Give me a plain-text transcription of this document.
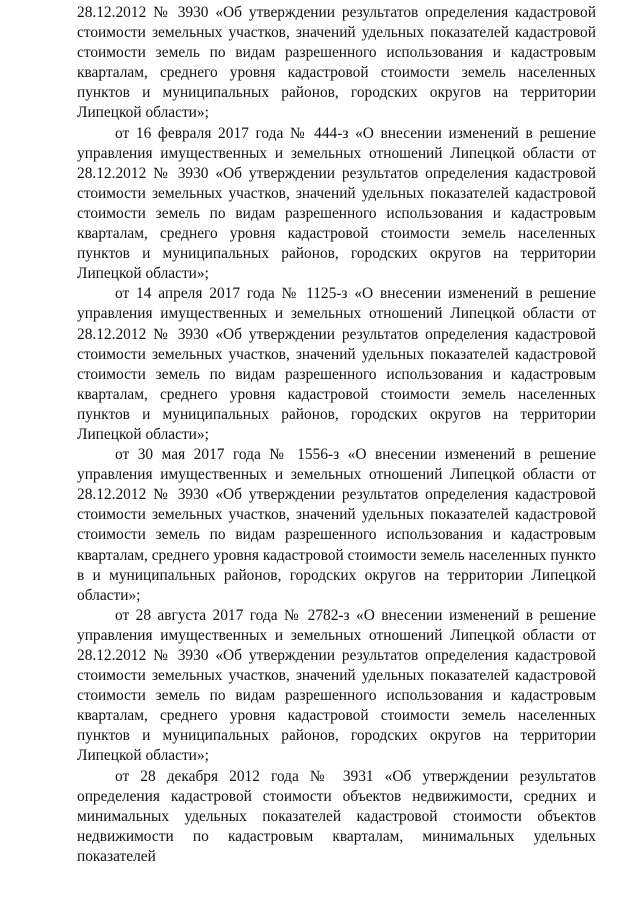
28.12.2012 № 3930 «Об утверждении результатов определения кадастровой стоимости земельных участков, значений удельных показателей кадастровой стоимости земель по видам разрешенного использования и кадастровым кварталам, среднего уровня кадастровой стоимости земель населенных пунктов и муниципальных районов, городских округов на территории Липецкой области»;

от 16 февраля 2017 года № 444-з «О внесении изменений в решение управления имущественных и земельных отношений Липецкой области от 28.12.2012 № 3930 «Об утверждении результатов определения кадастровой стоимости земельных участков, значений удельных показателей кадастровой стоимости земель по видам разрешенного использования и кадастровым кварталам, среднего уровня кадастровой стоимости земель населенных пунктов и муниципальных районов, городских округов на территории Липецкой области»;

от 14 апреля 2017 года № 1125-з «О внесении изменений в решение управления имущественных и земельных отношений Липецкой области от 28.12.2012 № 3930 «Об утверждении результатов определения кадастровой стоимости земельных участков, значений удельных показателей кадастровой стоимости земель по видам разрешенного использования и кадастровым кварталам, среднего уровня кадастровой стоимости земель населенных пунктов и муниципальных районов, городских округов на территории Липецкой области»;

от 30 мая 2017 года № 1556-з «О внесении изменений в решение управления имущественных и земельных отношений Липецкой области от 28.12.2012 № 3930 «Об утверждении результатов определения кадастровой стоимости земельных участков, значений удельных показателей кадастровой стоимости земель по видам разрешенного использования и кадастровым кварталам, среднего уровня кадастровой стоимости земель населенных пункто в и муниципальных районов, городских округов на территории Липецкой области»;

от 28 августа 2017 года № 2782-з «О внесении изменений в решение управления имущественных и земельных отношений Липецкой области от 28.12.2012 № 3930 «Об утверждении результатов определения кадастровой стоимости земельных участков, значений удельных показателей кадастровой стоимости земель по видам разрешенного использования и кадастровым кварталам, среднего уровня кадастровой стоимости земель населенных пунктов и муниципальных районов, городских округов на территории Липецкой области»;

от 28 декабря 2012 года № 3931 «Об утверждении результатов определения кадастровой стоимости объектов недвижимости, средних и минимальных удельных показателей кадастровой стоимости объектов недвижимости по кадастровым кварталам, минимальных удельных показателей
